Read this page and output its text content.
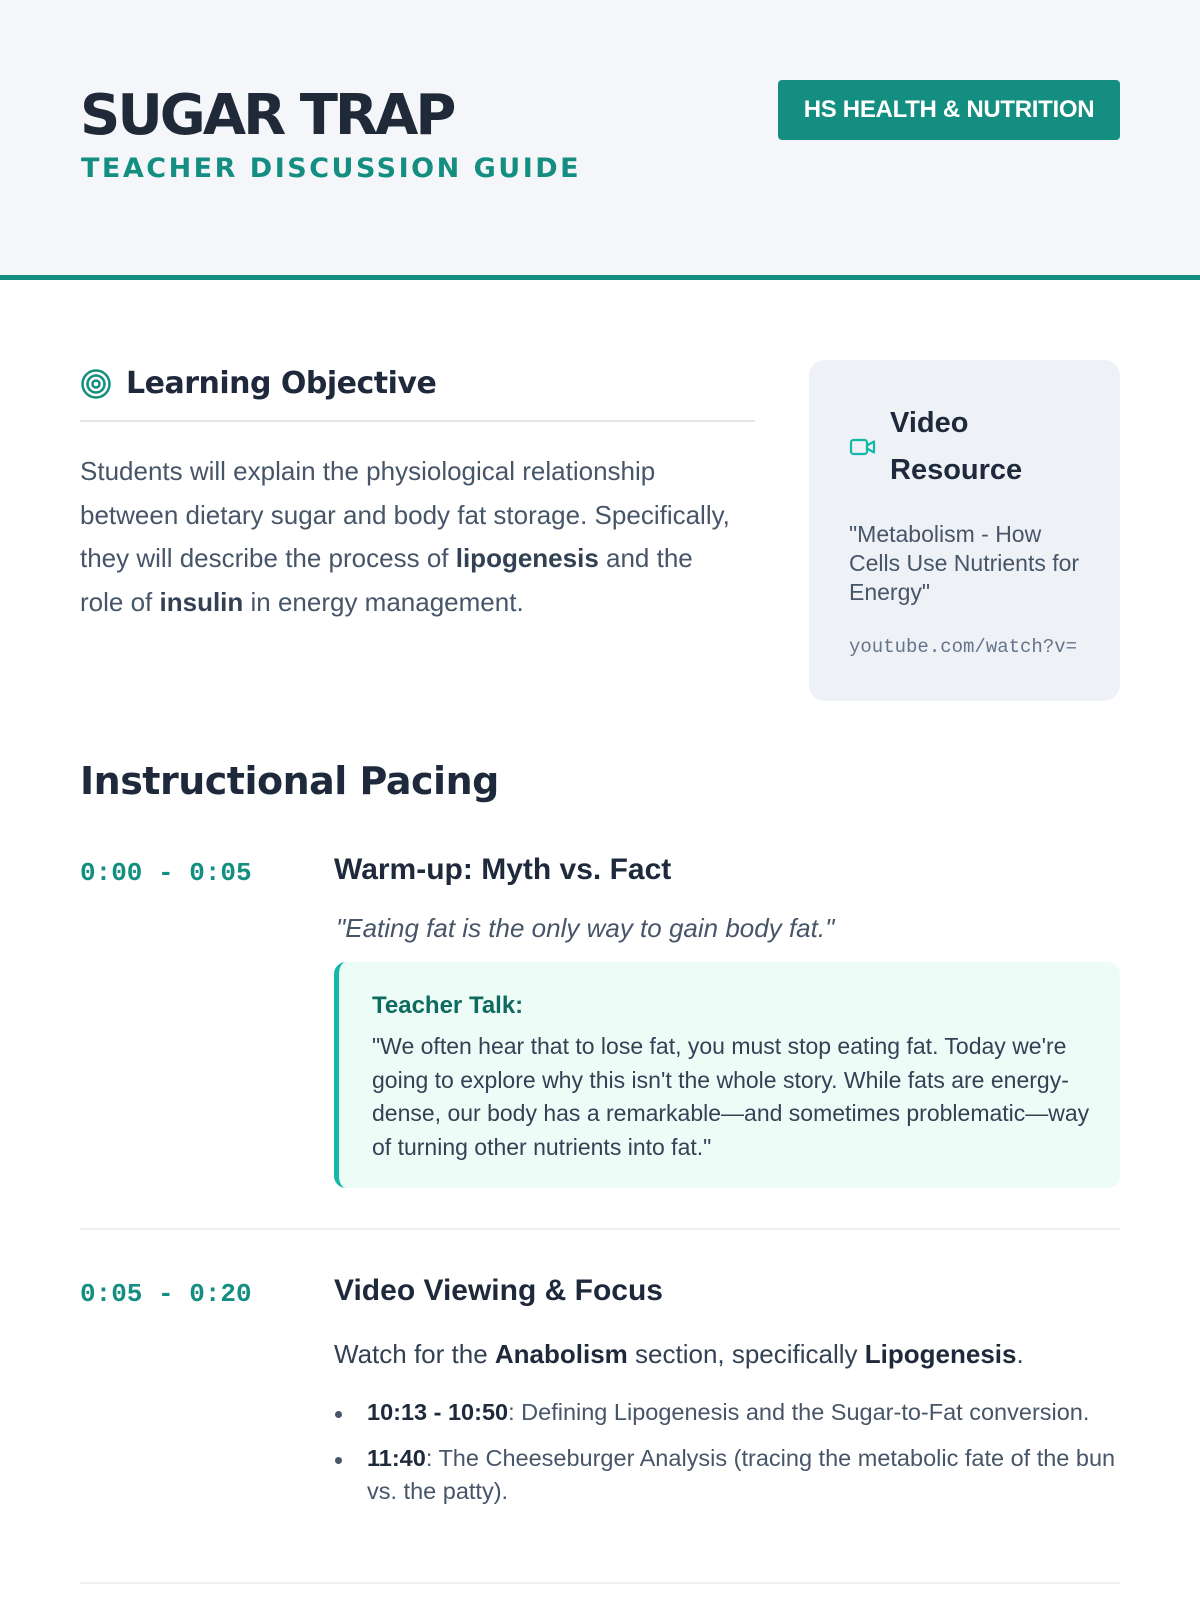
SUGAR TRAP
TEACHER DISCUSSION GUIDE
HS HEALTH & NUTRITION
Learning Objective

Students will explain the physiological relationship between dietary sugar and body fat storage. Specifically, they will describe the process of lipogenesis and the role of insulin in energy management.

Video Resource
"Metabolism - How Cells Use Nutrients for Energy"
youtube.com/watch?v=
Instructional Pacing
0:00 - 0:05	Warm-up: Myth vs. Fact
"Eating fat is the only way to gain body fat."
Teacher Talk:
"We often hear that to lose fat, you must stop eating fat. Today we're going to explore why this isn't the whole story. While fats are energy-dense, our body has a remarkable—and sometimes problematic—way of turning other nutrients into fat."
0:05 - 0:20	Video Viewing & Focus

Watch for the Anabolism section, specifically Lipogenesis.

10:13 - 10:50: Defining Lipogenesis and the Sugar-to-Fat conversion.
11:40: The Cheeseburger Analysis (tracing the metabolic fate of the bun vs. the patty).
